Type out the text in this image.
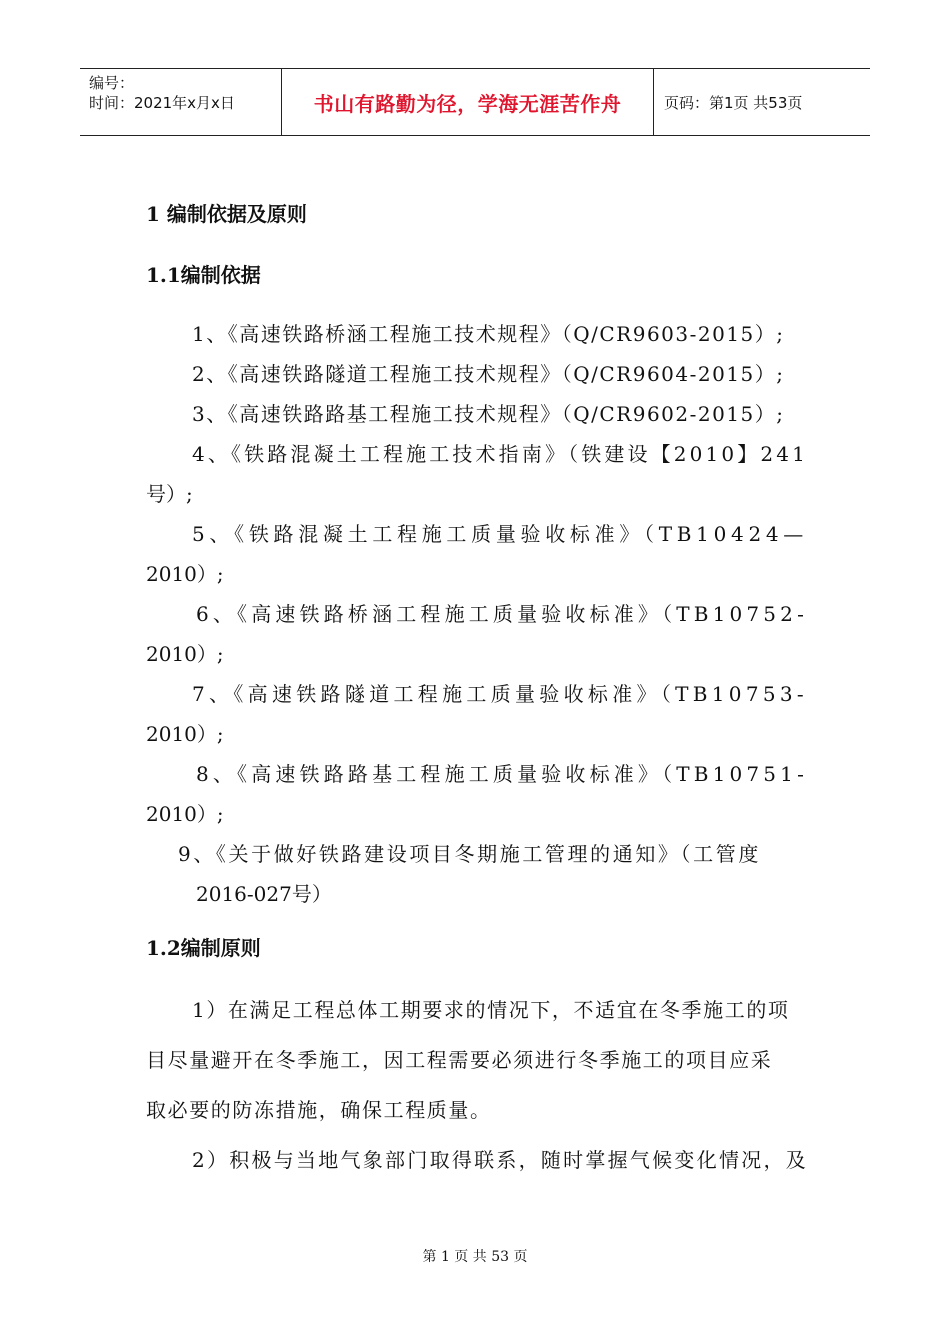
编号：
时间：2021年x月x日	书山有路勤为径，学海无涯苦作舟	页码：第1页 共53页
1 编制依据及原则
1.1编制依据
1、《高速铁路桥涵工程施工技术规程》（Q/CR9603-2015）;
2、《高速铁路隧道工程施工技术规程》（Q/CR9604-2015）;
3、《高速铁路路基工程施工技术规程》（Q/CR9602-2015）;
4、《铁路混凝土工程施工技术指南》（铁建设【2010】241
号）;
5、《铁路混凝土工程施工质量验收标准》（TB10424—
2010）;
6、《高速铁路桥涵工程施工质量验收标准》（TB10752-
2010）;
7、《高速铁路隧道工程施工质量验收标准》（TB10753-
2010）;
8、《高速铁路路基工程施工质量验收标准》（TB10751-
2010）;
9、《关于做好铁路建设项目冬期施工管理的通知》（工管度
2016-027号）
1.2编制原则
1）在满足工程总体工期要求的情况下，不适宜在冬季施工的项
目尽量避开在冬季施工，因工程需要必须进行冬季施工的项目应采
取必要的防冻措施，确保工程质量。
2）积极与当地气象部门取得联系，随时掌握气候变化情况，及
第 1 页 共 53 页
